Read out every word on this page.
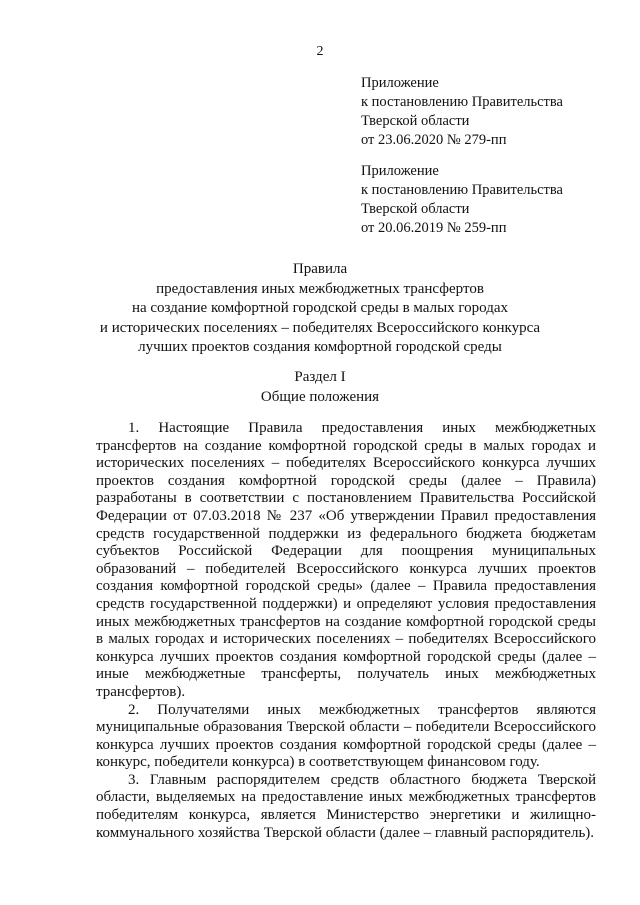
2
Приложение
к постановлению Правительства
Тверской области
от 23.06.2020 № 279-пп
Приложение
к постановлению Правительства
Тверской области
от 20.06.2019 № 259-пп
Правила
предоставления иных межбюджетных трансфертов
на создание комфортной городской среды в малых городах
и исторических поселениях – победителях Всероссийского конкурса
лучших проектов создания комфортной городской среды
Раздел I
Общие положения

1. Настоящие Правила предоставления иных межбюджетных трансфертов на создание комфортной городской среды в малых городах и исторических поселениях – победителях Всероссийского конкурса лучших проектов создания комфортной городской среды (далее – Правила) разработаны в соответствии с постановлением Правительства Российской Федерации от 07.03.2018 № 237 «Об утверждении Правил предоставления средств государственной поддержки из федерального бюджета бюджетам субъектов Российской Федерации для поощрения муниципальных образований – победителей Всероссийского конкурса лучших проектов создания комфортной городской среды» (далее – Правила предоставления средств государственной поддержки) и определяют условия предоставления иных межбюджетных трансфертов на создание комфортной городской среды в малых городах и исторических поселениях – победителях Всероссийского конкурса лучших проектов создания комфортной городской среды (далее – иные межбюджетные трансферты, получатель иных межбюджетных трансфертов).

2. Получателями иных межбюджетных трансфертов являются муниципальные образования Тверской области – победители Всероссийского конкурса лучших проектов создания комфортной городской среды (далее – конкурс, победители конкурса) в соответствующем финансовом году.

3. Главным распорядителем средств областного бюджета Тверской области, выделяемых на предоставление иных межбюджетных трансфертов победителям конкурса, является Министерство энергетики и жилищно-коммунального хозяйства Тверской области (далее – главный распорядитель).
